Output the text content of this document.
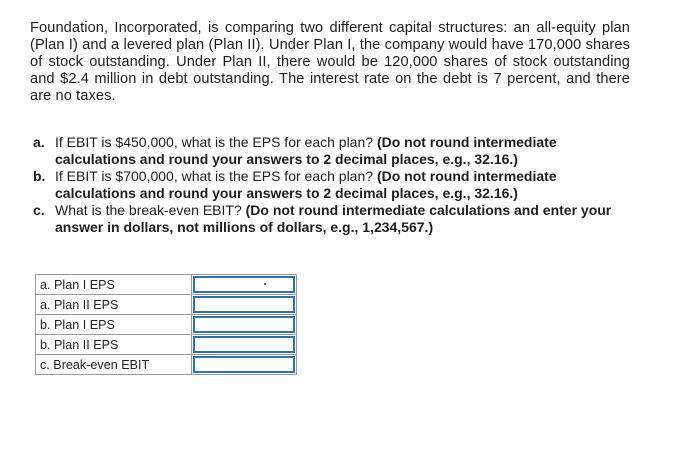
Foundation, Incorporated, is comparing two different capital structures: an all-equity plan (Plan I) and a levered plan (Plan II). Under Plan I, the company would have 170,000 shares of stock outstanding. Under Plan II, there would be 120,000 shares of stock outstanding and $2.4 million in debt outstanding. The interest rate on the debt is 7 percent, and there are no taxes.
a. If EBIT is $450,000, what is the EPS for each plan? (Do not round intermediate calculations and round your answers to 2 decimal places, e.g., 32.16.)
b. If EBIT is $700,000, what is the EPS for each plan? (Do not round intermediate calculations and round your answers to 2 decimal places, e.g., 32.16.)
c. What is the break-even EBIT? (Do not round intermediate calculations and enter your answer in dollars, not millions of dollars, e.g., 1,234,567.)
a. Plan I EPS	

a. Plan II EPS	

b. Plan I EPS	

b. Plan II EPS	

c. Break-even EBIT	
